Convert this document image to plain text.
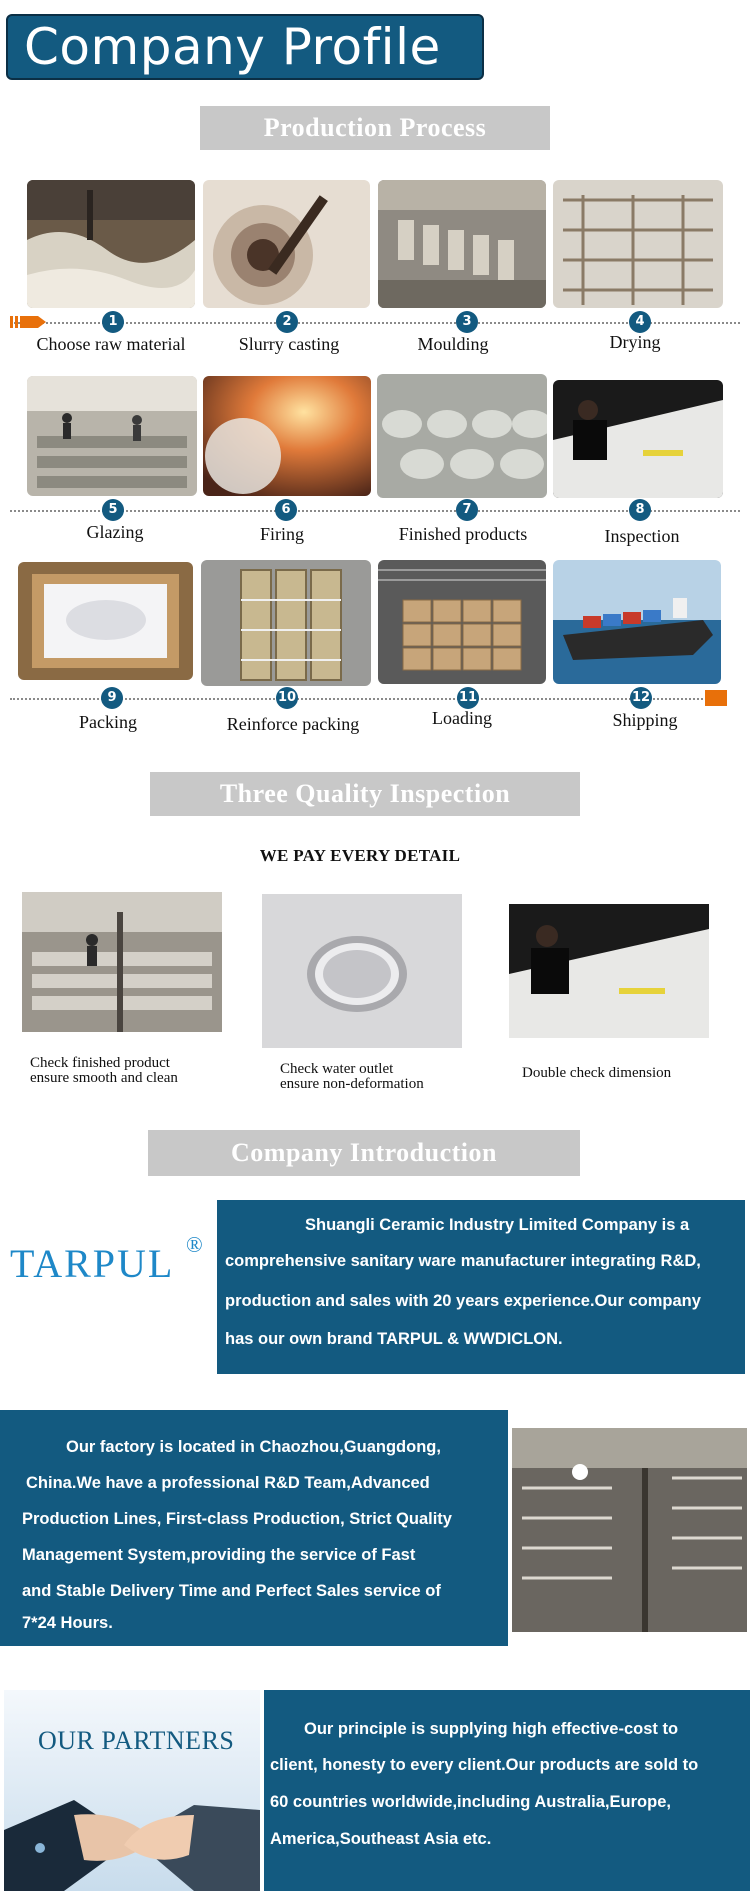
Company Profile
Production Process
1	2	3	4
Choose raw material	Slurry casting	Moulding	Drying
5	6	7	8
Glazing	Firing	Finished products	Inspection
9	10	11	12
Packing	Reinforce packing	Loading	Shipping
Three Quality Inspection
WE PAY EVERY DETAIL
Check finished product
ensure smooth and clean
Check water outlet
ensure non-deformation
Double check dimension
Company Introduction
TARPUL ®

Shuangli Ceramic Industry Limited Company is a

comprehensive sanitary ware manufacturer integrating R&D,

production and sales with 20 years experience.Our company

has our own brand TARPUL & WWDICLON.

Our factory is located in Chaozhou,Guangdong,

China.We have a professional R&D Team,Advanced

Production Lines, First-class Production, Strict Quality

Management System,providing the service of Fast

and Stable Delivery Time and Perfect Sales service of

7*24 Hours.

OUR PARTNERS	Our principle is supplying high effective-cost to

client, honesty to every client.Our products are sold to

60 countries worldwide,including Australia,Europe,

America,Southeast Asia etc.
